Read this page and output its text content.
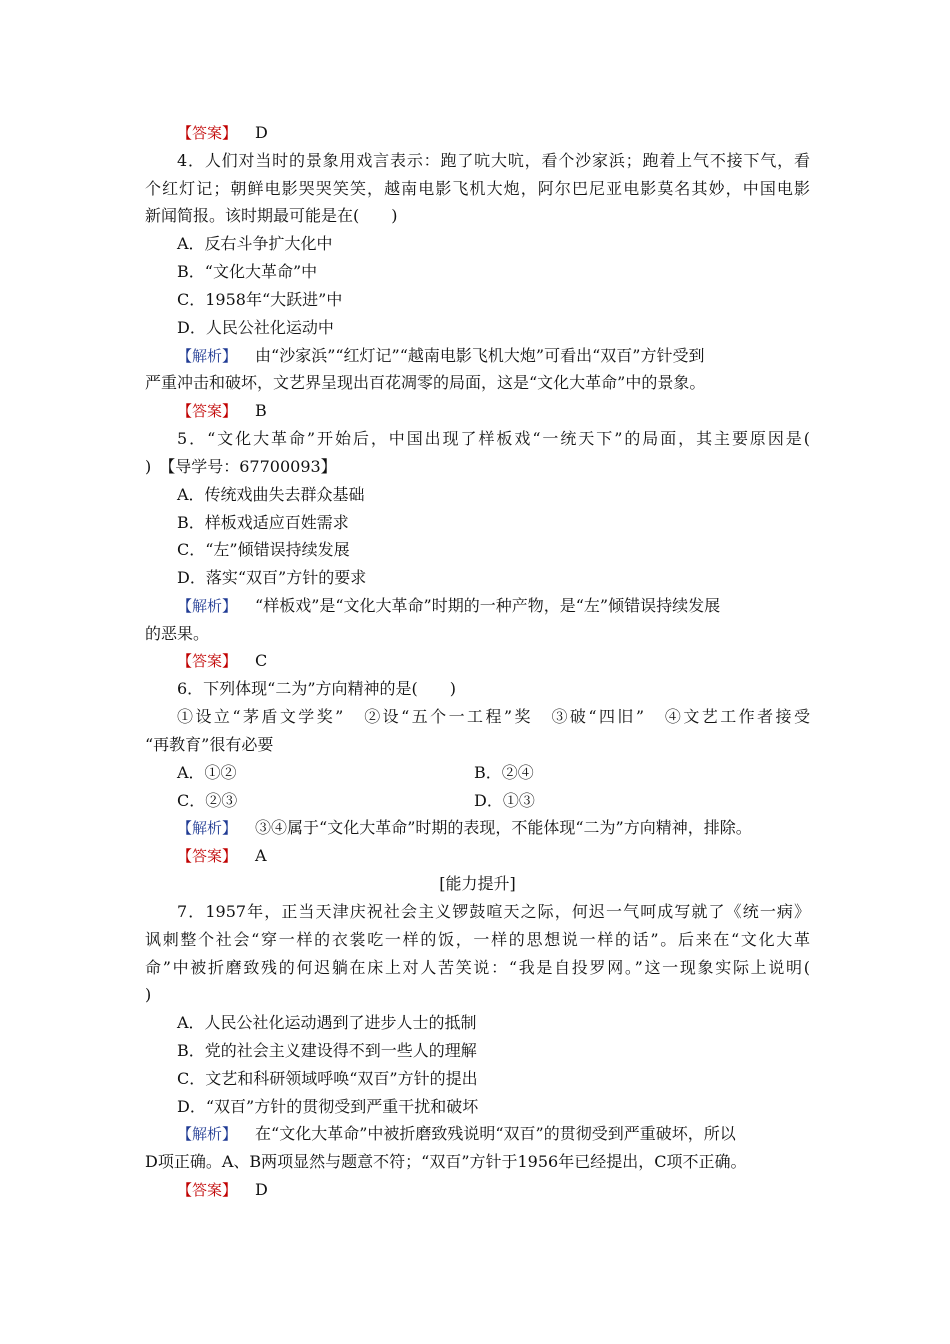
【答案】 D
4．人们对当时的景象用戏言表示：跑了吭大吭，看个沙家浜；跑着上气不接下气，看
个红灯记；朝鲜电影哭哭笑笑，越南电影飞机大炮，阿尔巴尼亚电影莫名其妙，中国电影
新闻简报。该时期最可能是在(　　)
A．反右斗争扩大化中
B．“文化大革命”中
C．1958年“大跃进”中
D．人民公社化运动中
【解析】 由“沙家浜”“红灯记”“越南电影飞机大炮”可看出“双百”方针受到
严重冲击和破坏，文艺界呈现出百花凋零的局面，这是“文化大革命”中的景象。
【答案】 B
5．“文化大革命”开始后，中国出现了样板戏“一统天下”的局面，其主要原因是(
)　【导学号：67700093】
A．传统戏曲失去群众基础
B．样板戏适应百姓需求
C．“左”倾错误持续发展
D．落实“双百”方针的要求
【解析】 “样板戏”是“文化大革命”时期的一种产物，是“左”倾错误持续发展
的恶果。
【答案】 C
6．下列体现“二为”方向精神的是(　　)
①设立“茅盾文学奖”　②设“五个一工程”奖　③破“四旧”　④文艺工作者接受
“再教育”很有必要
A．①②	B．②④
C．②③	D．①③
【解析】 ③④属于“文化大革命”时期的表现，不能体现“二为”方向精神，排除。
【答案】 A
[能力提升]
7．1957年，正当天津庆祝社会主义锣鼓喧天之际，何迟一气呵成写就了《统一病》
讽刺整个社会“穿一样的衣裳吃一样的饭，一样的思想说一样的话”。后来在“文化大革
命”中被折磨致残的何迟躺在床上对人苦笑说：“我是自投罗网。”这一现象实际上说明(
)
A．人民公社化运动遇到了进步人士的抵制
B．党的社会主义建设得不到一些人的理解
C．文艺和科研领域呼唤“双百”方针的提出
D．“双百”方针的贯彻受到严重干扰和破坏
【解析】 在“文化大革命”中被折磨致残说明“双百”的贯彻受到严重破坏，所以
D项正确。A、B两项显然与题意不符；“双百”方针于1956年已经提出，C项不正确。
【答案】 D
